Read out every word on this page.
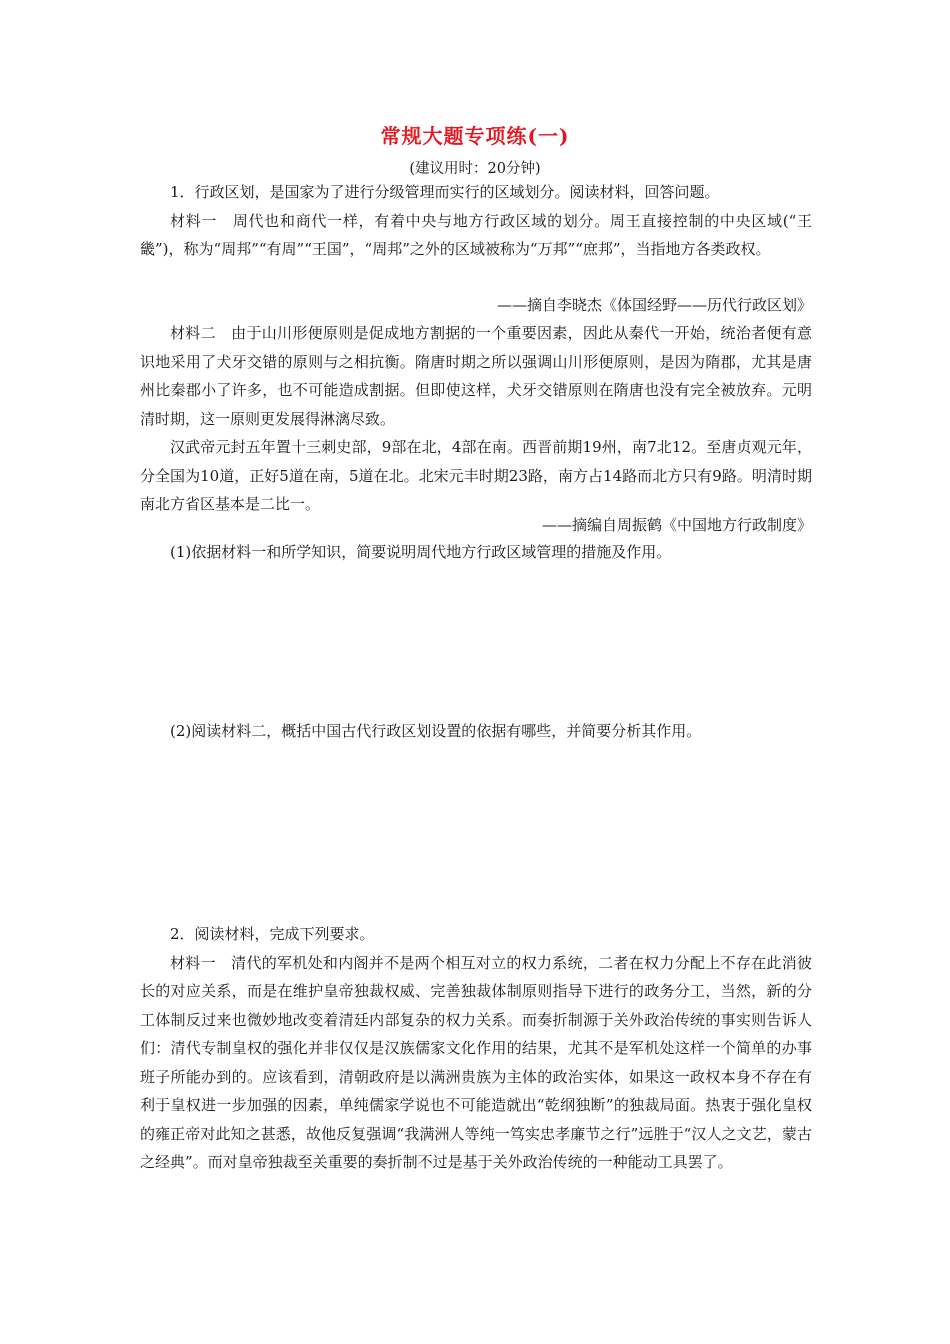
常规大题专项练(一)
(建议用时：20分钟)

1．行政区划，是国家为了进行分级管理而实行的区域划分。阅读材料，回答问题。

材料一　周代也和商代一样，有着中央与地方行政区域的划分。周王直接控制的中央区域(“王畿”)，称为“周邦”“有周”“王国”，“周邦”之外的区域被称为“万邦”“庶邦”，当指地方各类政权。

——摘自李晓杰《体国经野——历代行政区划》

材料二　由于山川形便原则是促成地方割据的一个重要因素，因此从秦代一开始，统治者便有意识地采用了犬牙交错的原则与之相抗衡。隋唐时期之所以强调山川形便原则，是因为隋郡，尤其是唐州比秦郡小了许多，也不可能造成割据。但即使这样，犬牙交错原则在隋唐也没有完全被放弃。元明清时期，这一原则更发展得淋漓尽致。

汉武帝元封五年置十三刺史部，9部在北，4部在南。西晋前期19州，南7北12。至唐贞观元年，分全国为10道，正好5道在南，5道在北。北宋元丰时期23路，南方占14路而北方只有9路。明清时期南北方省区基本是二比一。

——摘编自周振鹤《中国地方行政制度》
(1)依据材料一和所学知识，简要说明周代地方行政区域管理的措施及作用。
(2)阅读材料二，概括中国古代行政区划设置的依据有哪些，并简要分析其作用。

2．阅读材料，完成下列要求。

材料一　清代的军机处和内阁并不是两个相互对立的权力系统，二者在权力分配上不存在此消彼长的对应关系，而是在维护皇帝独裁权威、完善独裁体制原则指导下进行的政务分工，当然，新的分工体制反过来也微妙地改变着清廷内部复杂的权力关系。而奏折制源于关外政治传统的事实则告诉人们：清代专制皇权的强化并非仅仅是汉族儒家文化作用的结果，尤其不是军机处这样一个简单的办事班子所能办到的。应该看到，清朝政府是以满洲贵族为主体的政治实体，如果这一政权本身不存在有利于皇权进一步加强的因素，单纯儒家学说也不可能造就出“乾纲独断”的独裁局面。热衷于强化皇权的雍正帝对此知之甚悉，故他反复强调“我满洲人等纯一笃实忠孝廉节之行”远胜于“汉人之文艺，蒙古之经典”。而对皇帝独裁至关重要的奏折制不过是基于关外政治传统的一种能动工具罢了。
